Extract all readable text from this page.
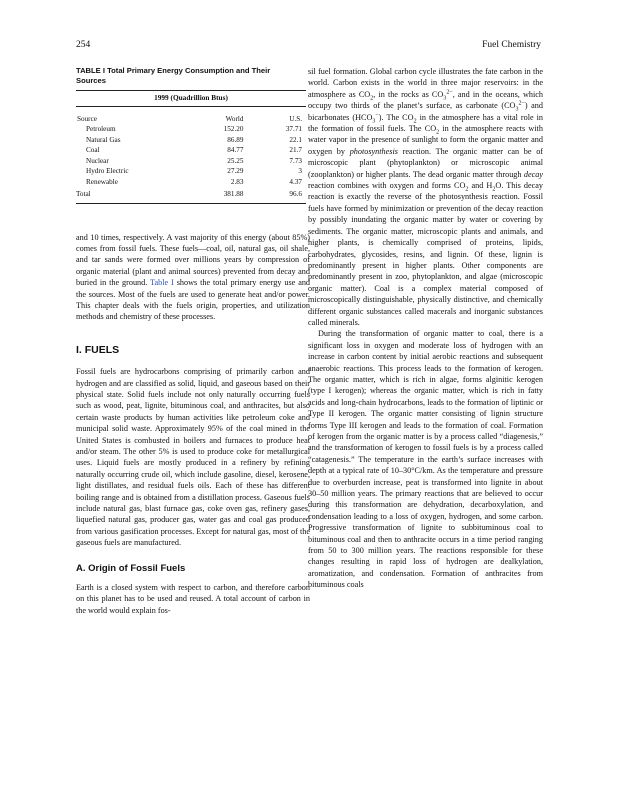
254	Fuel Chemistry
TABLE I Total Primary Energy Consumption and Their Sources
1999 (Quadrillion Btus)		
Source	World	U.S.
Petroleum	152.20	37.71
Natural Gas	86.89	22.1
Coal	84.77	21.7
Nuclear	25.25	7.73
Hydro Electric	27.29	3
Renewable	2.83	4.37
Total	381.88	96.6

and 10 times, respectively. A vast majority of this energy (about 85%) comes from fossil fuels. These fuels—coal, oil, natural gas, oil shale, and tar sands were formed over millions years by compression of organic material (plant and animal sources) prevented from decay and buried in the ground. Table I shows the total primary energy use and the sources. Most of the fuels are used to generate heat and/or power. This chapter deals with the fuels origin, properties, and utilization methods and chemistry of these processes.

I. FUELS

Fossil fuels are hydrocarbons comprising of primarily carbon and hydrogen and are classified as solid, liquid, and gaseous based on their physical state. Solid fuels include not only naturally occurring fuels such as wood, peat, lignite, bituminous coal, and anthracites, but also certain waste products by human activities like petroleum coke and municipal solid waste. Approximately 95% of the coal mined in the United States is combusted in boilers and furnaces to produce heat and/or steam. The other 5% is used to produce coke for metallurgical uses. Liquid fuels are mostly produced in a refinery by refining naturally occurring crude oil, which include gasoline, diesel, kerosene, light distillates, and residual fuels oils. Each of these has different boiling range and is obtained from a distillation process. Gaseous fuels include natural gas, blast furnace gas, coke oven gas, refinery gases, liquefied natural gas, producer gas, water gas and coal gas produced from various gasification processes. Except for natural gas, most of the gaseous fuels are manufactured.

A. Origin of Fossil Fuels

Earth is a closed system with respect to carbon, and therefore carbon on this planet has to be used and reused. A total account of carbon in the world would explain fos-

sil fuel formation. Global carbon cycle illustrates the fate carbon in the world. Carbon exists in the world in three major reservoirs: in the atmosphere as $CO_2$, in the rocks as $CO_3^{2-}$, and in the oceans, which occupy two thirds of the planet’s surface, as carbonate $(CO_3^{2-})$ and bicarbonates $(HCO_3^-)$. The $CO_2$ in the atmosphere has a vital role in the formation of fossil fuels. The $CO_2$ in the atmosphere reacts with water vapor in the presence of sunlight to form the organic matter and oxygen by photosynthesis reaction. The organic matter can be of microscopic plant (phytoplankton) or microscopic animal (zooplankton) or higher plants. The dead organic matter through decay reaction combines with oxygen and forms $CO_2$ and $H_2O$. This decay reaction is exactly the reverse of the photosynthesis reaction. Fossil fuels have formed by minimization or prevention of the decay reaction by possibly inundating the organic matter by water or covering by sediments. The organic matter, microscopic plants and animals, and higher plants, is chemically comprised of proteins, lipids, carbohydrates, glycosides, resins, and lignin. Of these, lignin is predominantly present in higher plants. Other components are predominantly present in zoo, phytoplankton, and algae (microscopic organic matter). Coal is a complex material composed of microscopically distinguishable, physically distinctive, and chemically different organic substances called macerals and inorganic substances called minerals.

During the transformation of organic matter to coal, there is a significant loss in oxygen and moderate loss of hydrogen with an increase in carbon content by initial aerobic reactions and subsequent anaerobic reactions. This process leads to the formation of kerogen. The organic matter, which is rich in algae, forms alginitic kerogen (type I kerogen); whereas the organic matter, which is rich in fatty acids and long-chain hydrocarbons, leads to the formation of liptinic or Type II kerogen. The organic matter consisting of lignin structure forms Type III kerogen and leads to the formation of coal. Formation of kerogen from the organic matter is by a process called “diagenesis,” and the transformation of kerogen to fossil fuels is by a process called “catagenesis.” The temperature in the earth’s surface increases with depth at a typical rate of 10–30°C/km. As the temperature and pressure due to overburden increase, peat is transformed into lignite in about 30–50 million years. The primary reactions that are believed to occur during this transformation are dehydration, decarboxylation, and condensation leading to a loss of oxygen, hydrogen, and some carbon. Progressive transformation of lignite to subbituminous coal to bituminous coal and then to anthracite occurs in a time period ranging from 50 to 300 million years. The reactions responsible for these changes resulting in rapid loss of hydrogen are dealkylation, aromatization, and condensation. Formation of anthracites from bituminous coals
